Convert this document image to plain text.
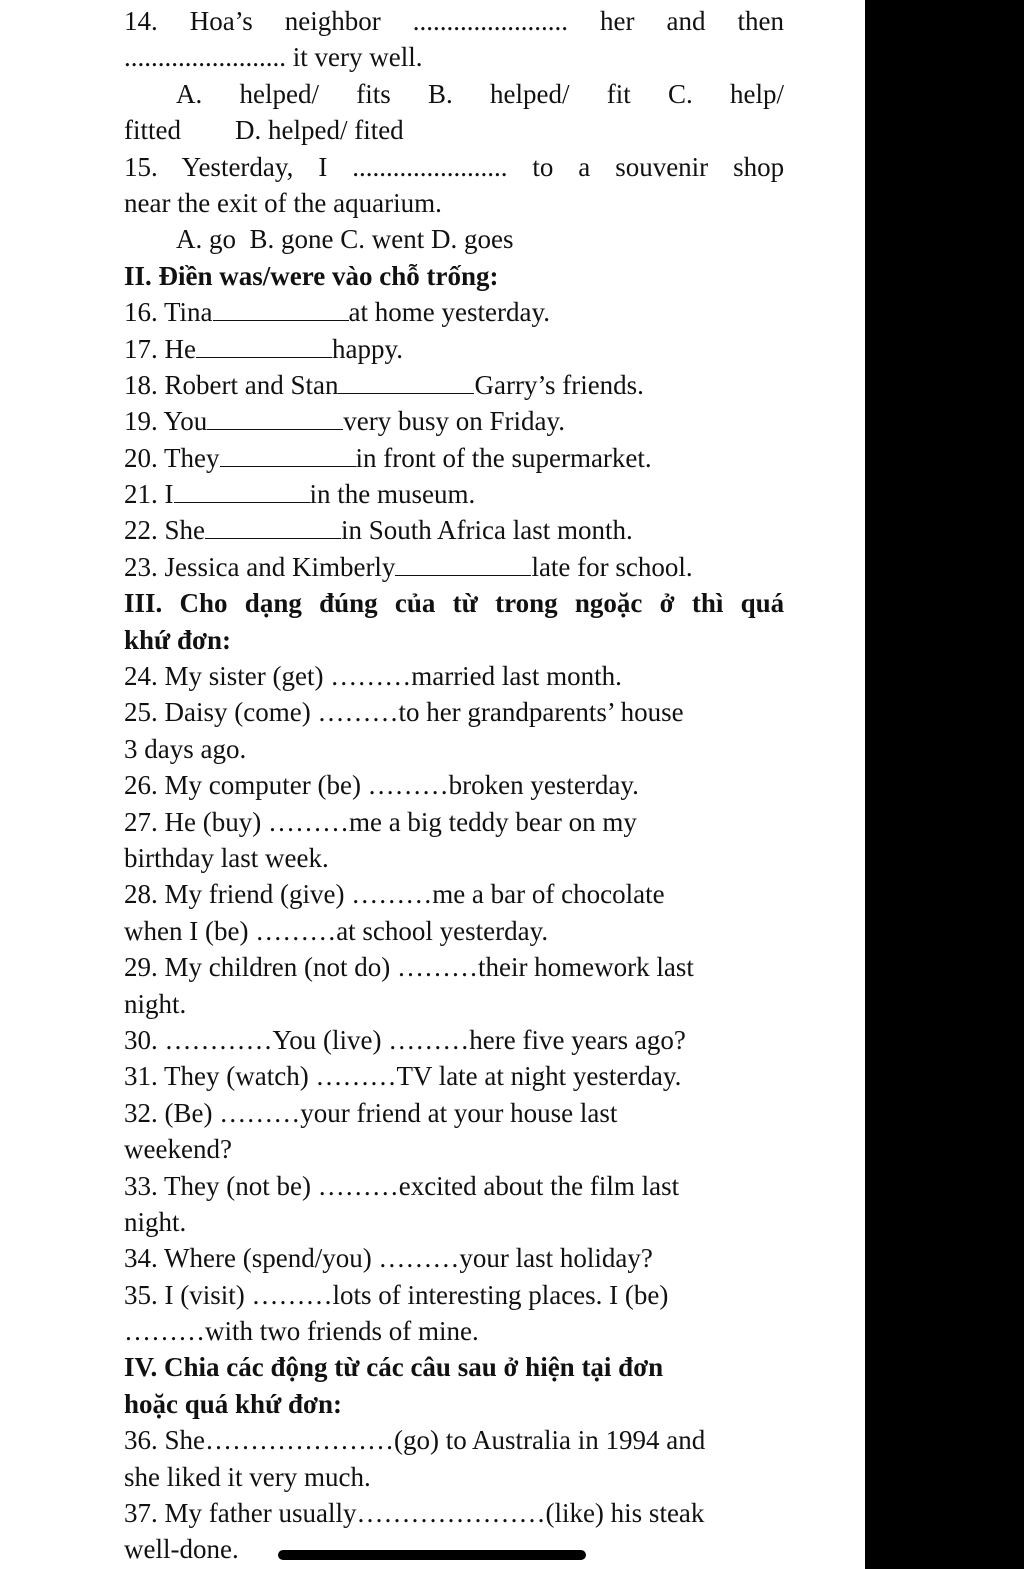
14. Hoa’s neighbor ....................... her and then
........................ it very well.
A. helped/ fits B. helped/ fit C. help/
fitted        D. helped/ fited
15. Yesterday, I ....................... to a souvenir shop
near the exit of the aquarium.
A. go  B. gone C. went D. goes
II. Điền was/were vào chỗ trống:
16. Tina	at home yesterday.
17. He	happy.
18. Robert and Stan	Garry’s friends.
19. You	very busy on Friday.
20. They	in front of the supermarket.
21. I	in the museum.
22. She	in South Africa last month.
23. Jessica and Kimberly	late for school.
III. Cho dạng đúng của từ trong ngoặc ở thì quá
khứ đơn:
24. My sister (get) ………married last month.
25. Daisy (come) ………to her grandparents’ house
3 days ago.
26. My computer (be) ………broken yesterday.
27. He (buy) ………me a big teddy bear on my
birthday last week.
28. My friend (give) ………me a bar of chocolate
when I (be) ………at school yesterday.
29. My children (not do) ………their homework last
night.
30. …………You (live) ………here five years ago?
31. They (watch) ………TV late at night yesterday.
32. (Be) ………your friend at your house last
weekend?
33. They (not be) ………excited about the film last
night.
34. Where (spend/you) ………your last holiday?
35. I (visit) ………lots of interesting places. I (be)
………with two friends of mine.
IV. Chia các động từ các câu sau ở hiện tại đơn
hoặc quá khứ đơn:
36. She…………………(go) to Australia in 1994 and
she liked it very much.
37. My father usually…………………(like) his steak
well-done.
